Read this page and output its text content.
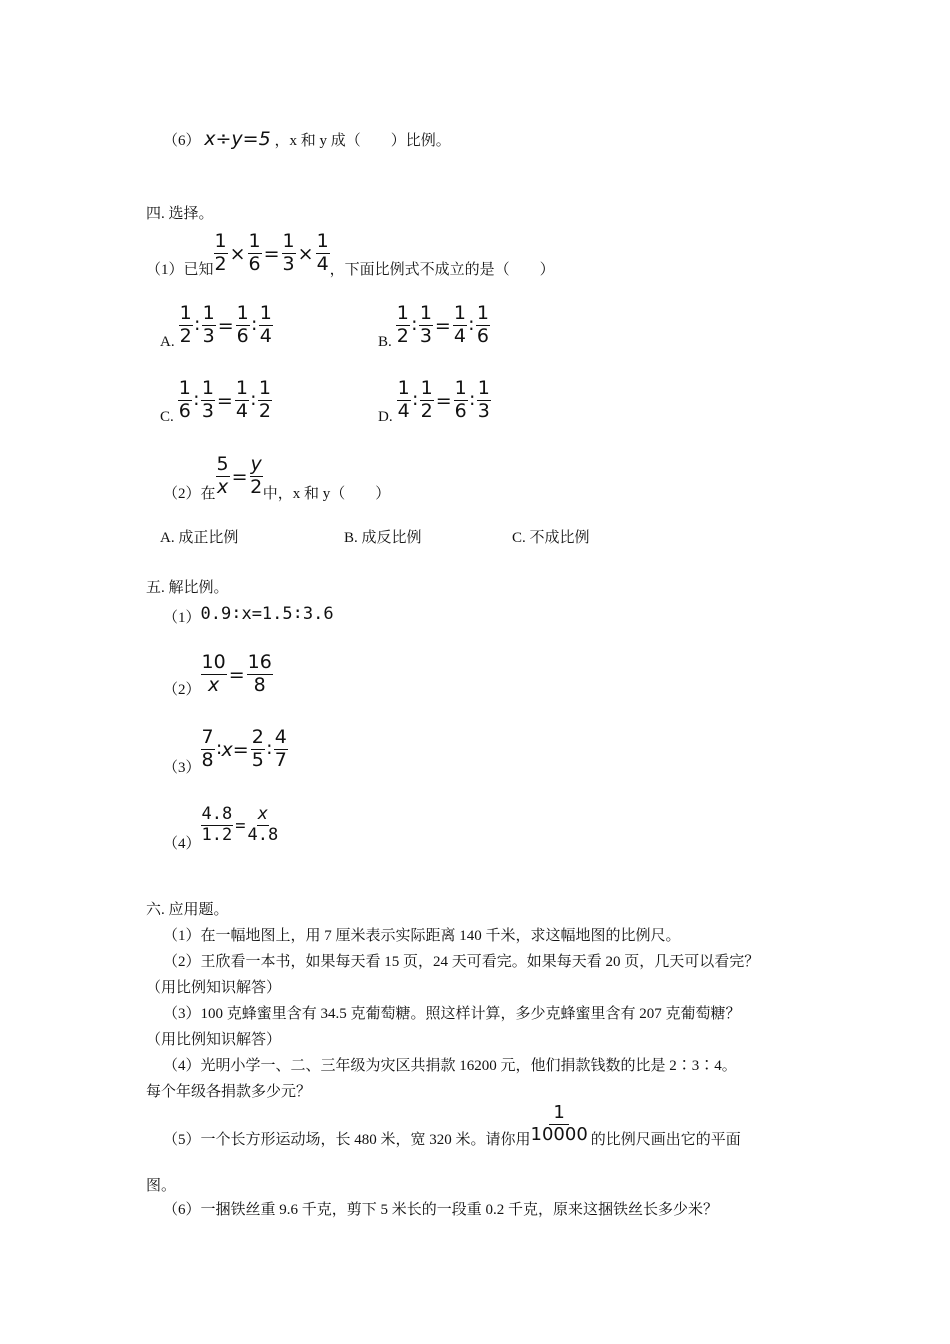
（6） x÷y=5 ，x 和 y 成（　　）比例。
四. 选择。
（1）已知 $\frac{1}{2} \times \frac{1}{6} = \frac{1}{3} \times \frac{1}{4}$ ，下面比例式不成立的是（　　）
A. $\frac{1}{2}$ ∶ $\frac{1}{3} = \frac{1}{6}$ ∶ $\frac{1}{4}$	B. $\frac{1}{2}$ ∶ $\frac{1}{3} = \frac{1}{4}$ ∶ $\frac{1}{6}$
C. $\frac{1}{6}$ ∶ $\frac{1}{3} = \frac{1}{4}$ ∶ $\frac{1}{2}$	D. $\frac{1}{4}$ ∶ $\frac{1}{2} = \frac{1}{6}$ ∶ $\frac{1}{3}$
（2）在 $\frac{5}{x} = \frac{y}{2}$ 中，x 和 y（　　）
A. 成正比例	B. 成反比例	C. 不成比例
五. 解比例。
（1） 0.9∶x=1.5∶3.6
$(2) \frac{10}{x} = \frac{16}{8}$
$(3) \frac{7}{8}$ ∶x= $\frac{2}{5}$ ∶ $\frac{4}{7}$
$(4) \frac{4.8}{1.2} = \frac{x}{4.8}$
六. 应用题。
（1）在一幅地图上，用 7 厘米表示实际距离 140 千米，求这幅地图的比例尺。
（2）王欣看一本书，如果每天看 15 页，24 天可看完。如果每天看 20 页，几天可以看完？
（用比例知识解答）
（3）100 克蜂蜜里含有 34.5 克葡萄糖。照这样计算，多少克蜂蜜里含有 207 克葡萄糖？
（用比例知识解答）
（4）光明小学一、二、三年级为灾区共捐款 16200 元，他们捐款钱数的比是 2∶3∶4。
每个年级各捐款多少元？
（5）一个长方形运动场，长 480 米，宽 320 米。请你用 $\frac{1}{10000}$ 的比例尺画出它的平面
图。
（6）一捆铁丝重 9.6 千克，剪下 5 米长的一段重 0.2 千克，原来这捆铁丝长多少米？
